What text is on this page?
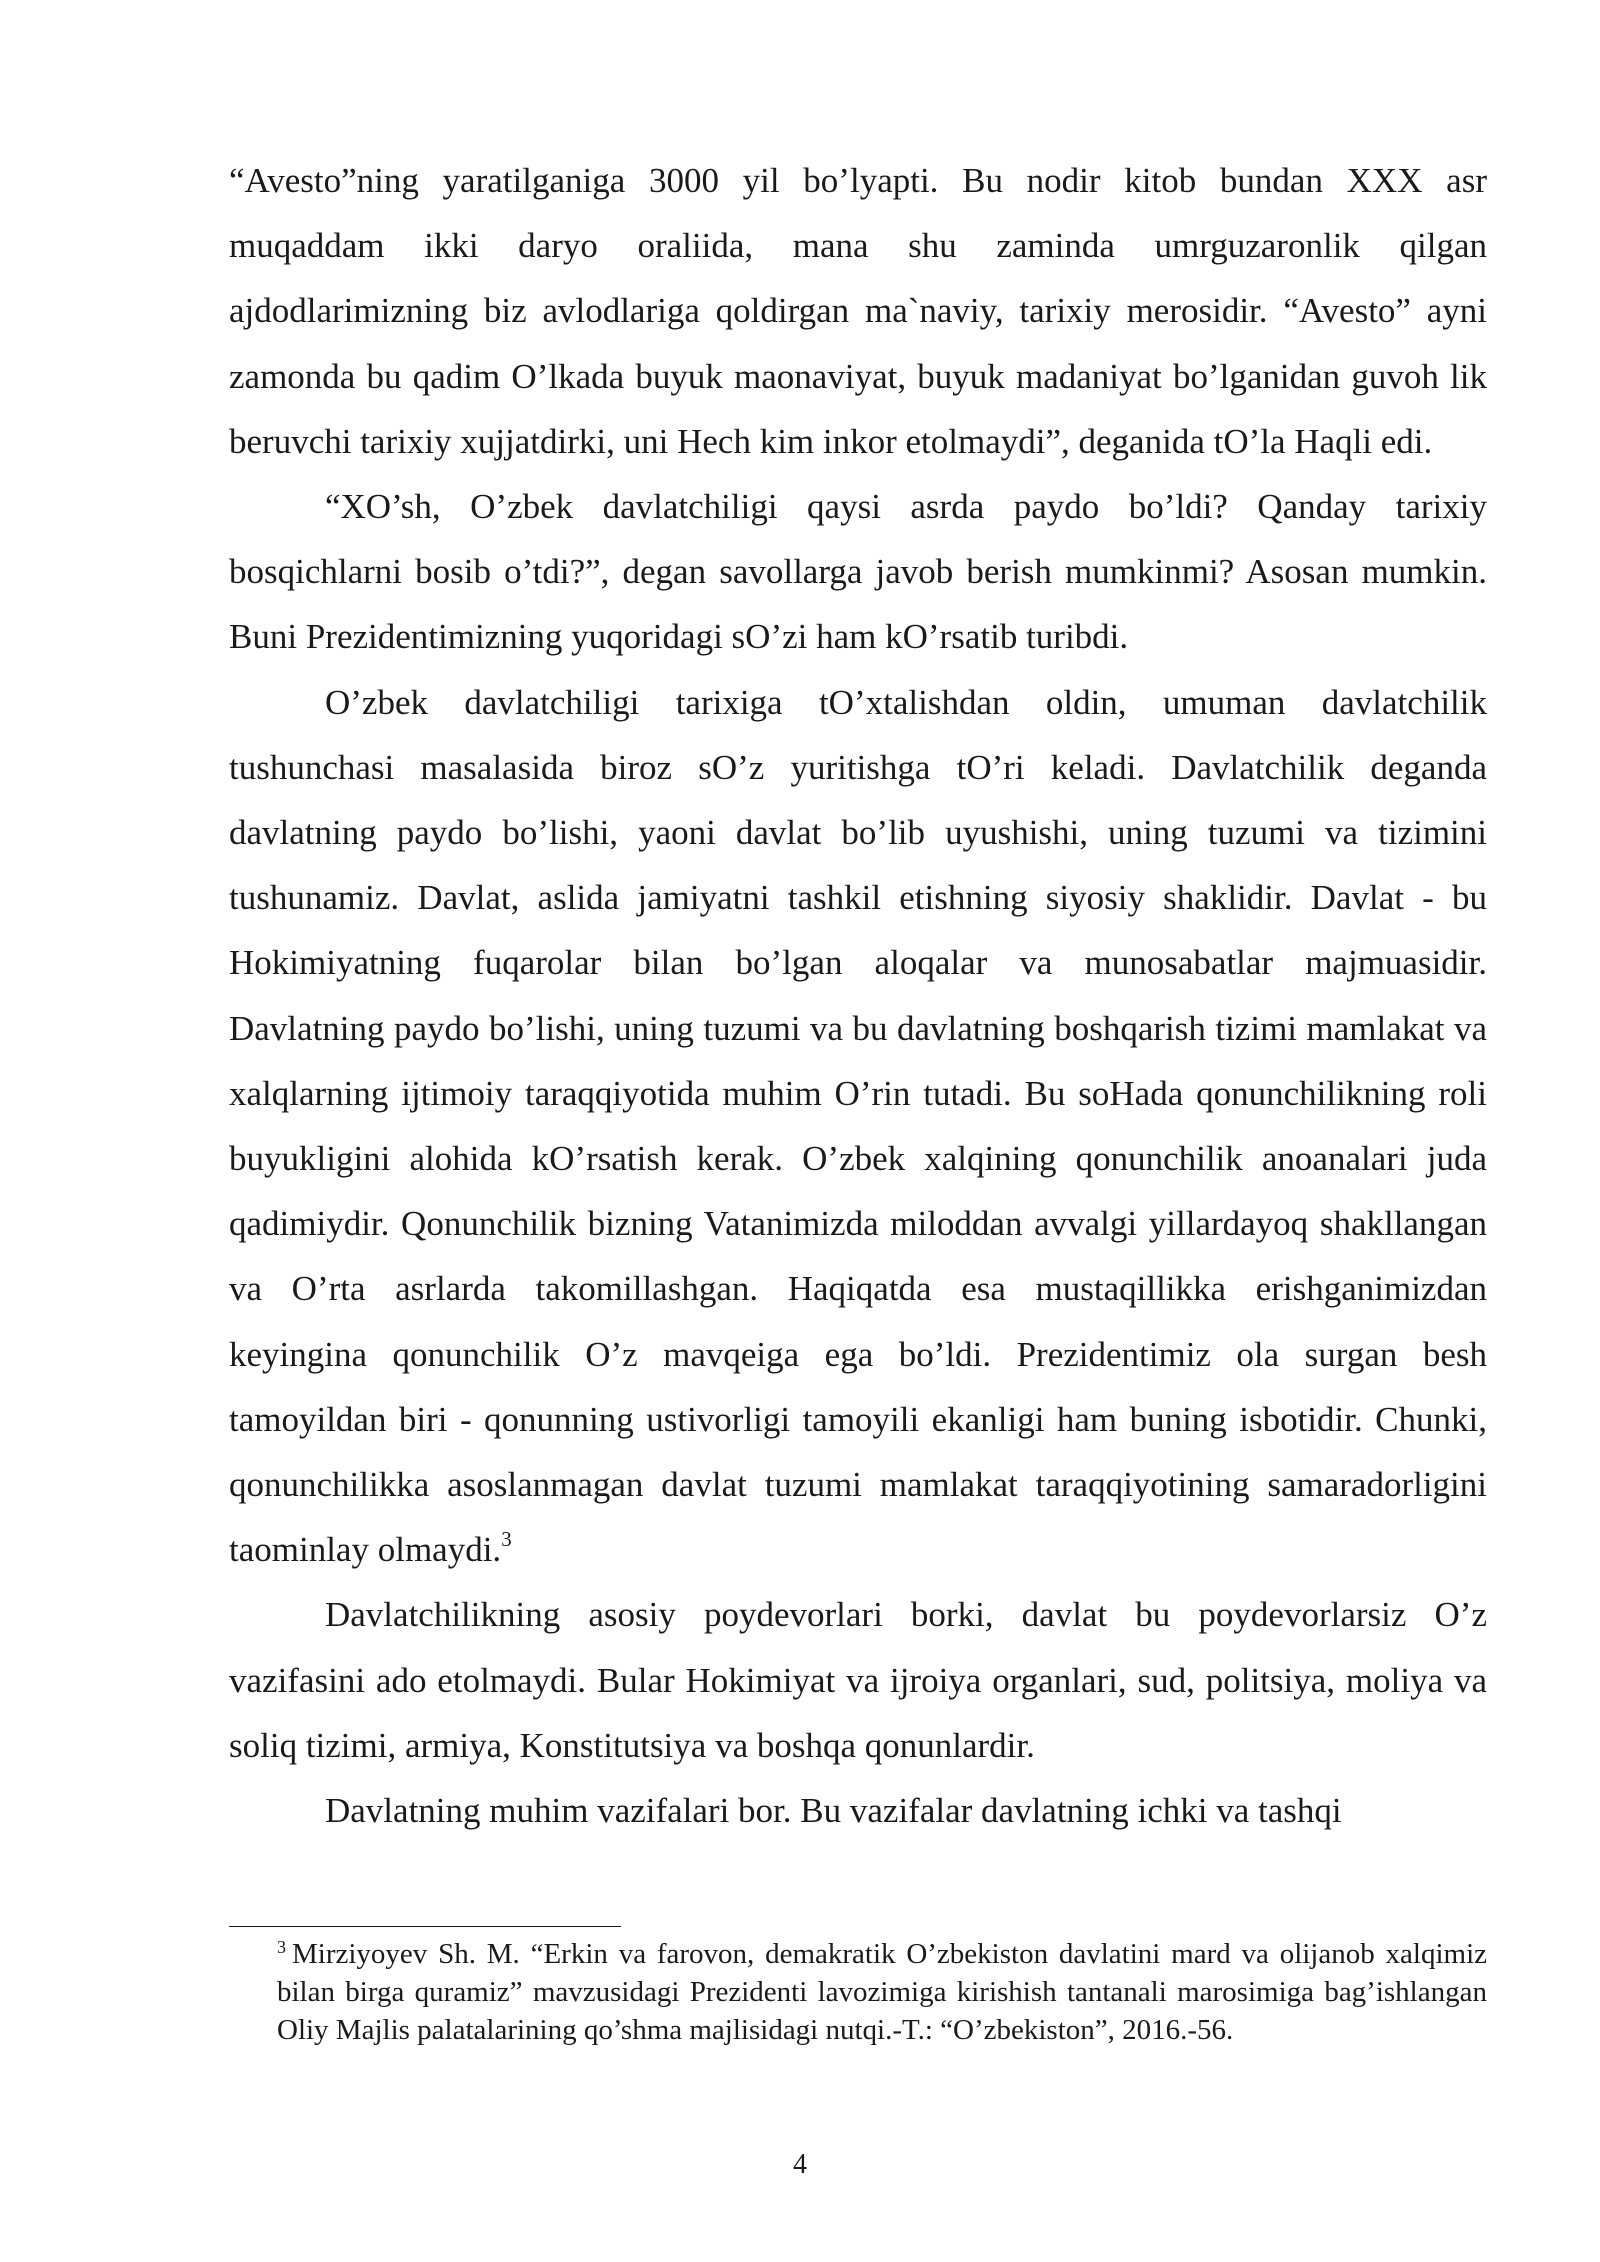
“Avesto”ning yaratilganiga 3000 yil bo’lyapti. Bu nodir kitob bundan XXX asr muqaddam ikki daryo oraliida, mana shu zaminda umrguzaronlik qilgan ajdodlarimizning biz avlodlariga qoldirgan ma`naviy, tarixiy merosidir. “Avesto” ayni zamonda bu qadim O’lkada buyuk maonaviyat, buyuk madaniyat bo’lganidan guvoh lik beruvchi tarixiy xujjatdirki, uni Hech kim inkor etolmaydi”, deganida tO’la Haqli edi.

“XO’sh, O’zbek davlatchiligi qaysi asrda paydo bo’ldi? Qanday tarixiy bosqichlarni bosib o’tdi?”, degan savollarga javob berish mumkinmi? Asosan mumkin. Buni Prezidentimizning yuqoridagi sO’zi ham kO’rsatib turibdi.

O’zbek davlatchiligi tarixiga tO’xtalishdan oldin, umuman davlatchilik tushunchasi masalasida biroz sO’z yuritishga tO’ri keladi. Davlatchilik deganda davlatning paydo bo’lishi, yaoni davlat bo’lib uyushishi, uning tuzumi va tizimini tushunamiz. Davlat, aslida jamiyatni tashkil etishning siyosiy shaklidir. Davlat - bu Hokimiyatning fuqarolar bilan bo’lgan aloqalar va munosabatlar majmuasidir. Davlatning paydo bo’lishi, uning tuzumi va bu davlatning boshqarish tizimi mamlakat va xalqlarning ijtimoiy taraqqiyotida muhim O’rin tutadi. Bu soHada qonunchilikning roli buyukligini alohida kO’rsatish kerak. O’zbek xalqining qonunchilik anoanalari juda qadimiydir. Qonunchilik bizning Vatanimizda miloddan avvalgi yillardayoq shakllangan va O’rta asrlarda takomillashgan. Haqiqatda esa mustaqillikka erishganimizdan keyingina qonunchilik O’z mavqeiga ega bo’ldi. Prezidentimiz ola surgan besh tamoyildan biri - qonunning ustivorligi tamoyili ekanligi ham buning isbotidir. Chunki, qonunchilikka asoslanmagan davlat tuzumi mamlakat taraqqiyotining samaradorligini taominlay olmaydi.$^3$

Davlatchilikning asosiy poydevorlari borki, davlat bu poydevorlarsiz O’z vazifasini ado etolmaydi. Bular Hokimiyat va ijroiya organlari, sud, politsiya, moliya va soliq tizimi, armiya, Konstitutsiya va boshqa qonunlardir.

Davlatning muhim vazifalari bor. Bu vazifalar davlatning ichki va tashqi

$^3$ Mirziyoyev Sh. M. “Erkin va farovon, demakratik O’zbekiston davlatini mard va olijanob xalqimiz bilan birga quramiz” mavzusidagi Prezidenti lavozimiga kirishish tantanali marosimiga bag’ishlangan Oliy Majlis palatalarining qo’shma majlisidagi nutqi.-T.: “O’zbekiston”, 2016.-56.

4
